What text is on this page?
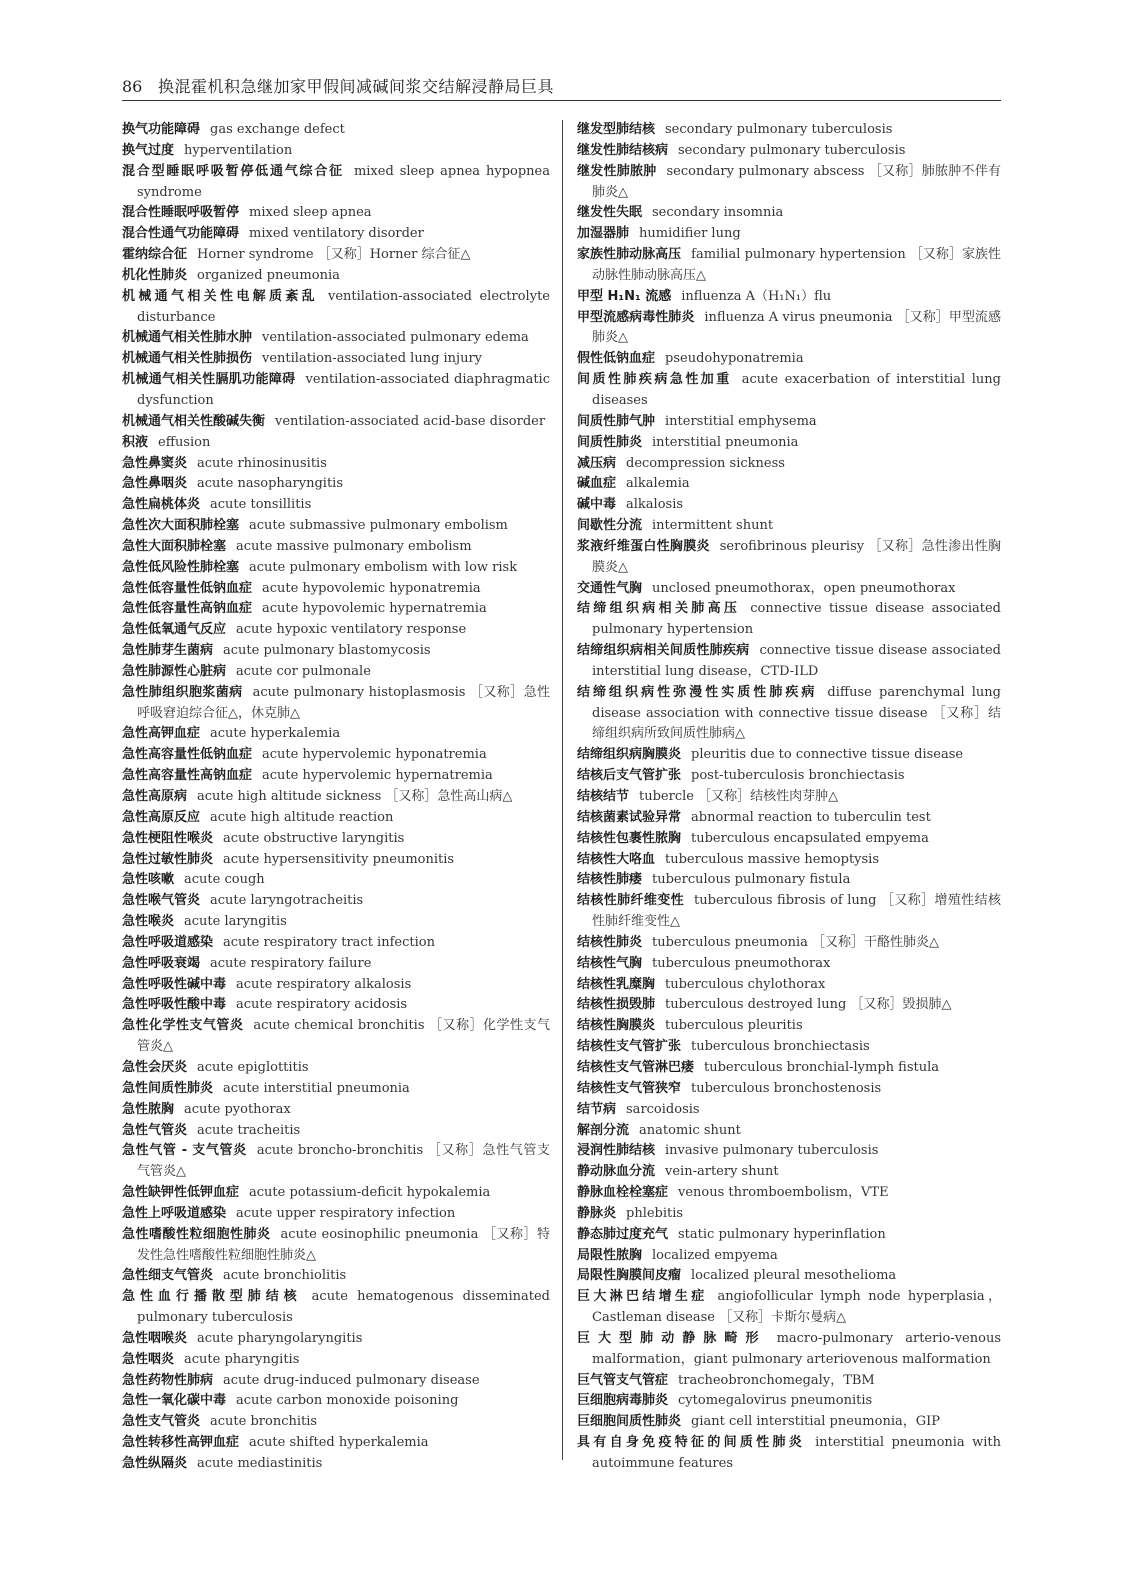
86 换混霍机积急继加家甲假间减碱间浆交结解浸静局巨具
换气功能障碍 gas exchange defect
换气过度 hyperventilation
混合型睡眠呼吸暂停低通气综合征 mixed sleep apnea hypopnea syndrome
混合性睡眠呼吸暂停 mixed sleep apnea
混合性通气功能障碍 mixed ventilatory disorder
霍纳综合征 Horner syndrome ［又称］Horner 综合征△
机化性肺炎 organized pneumonia
机械通气相关性电解质紊乱 ventilation-associated electrolyte disturbance
机械通气相关性肺水肿 ventilation-associated pulmonary edema
机械通气相关性肺损伤 ventilation-associated lung injury
机械通气相关性膈肌功能障碍 ventilation-associated diaphragmatic dysfunction
机械通气相关性酸碱失衡 ventilation-associated acid-base disorder
积液 effusion
急性鼻窦炎 acute rhinosinusitis
急性鼻咽炎 acute nasopharyngitis
急性扁桃体炎 acute tonsillitis
急性次大面积肺栓塞 acute submassive pulmonary embolism
急性大面积肺栓塞 acute massive pulmonary embolism
急性低风险性肺栓塞 acute pulmonary embolism with low risk
急性低容量性低钠血症 acute hypovolemic hyponatremia
急性低容量性高钠血症 acute hypovolemic hypernatremia
急性低氧通气反应 acute hypoxic ventilatory response
急性肺芽生菌病 acute pulmonary blastomycosis
急性肺源性心脏病 acute cor pulmonale
急性肺组织胞浆菌病 acute pulmonary histoplasmosis ［又称］急性呼吸窘迫综合征△，休克肺△
急性高钾血症 acute hyperkalemia
急性高容量性低钠血症 acute hypervolemic hyponatremia
急性高容量性高钠血症 acute hypervolemic hypernatremia
急性高原病 acute high altitude sickness ［又称］急性高山病△
急性高原反应 acute high altitude reaction
急性梗阻性喉炎 acute obstructive laryngitis
急性过敏性肺炎 acute hypersensitivity pneumonitis
急性咳嗽 acute cough
急性喉气管炎 acute laryngotracheitis
急性喉炎 acute laryngitis
急性呼吸道感染 acute respiratory tract infection
急性呼吸衰竭 acute respiratory failure
急性呼吸性碱中毒 acute respiratory alkalosis
急性呼吸性酸中毒 acute respiratory acidosis
急性化学性支气管炎 acute chemical bronchitis ［又称］化学性支气管炎△
急性会厌炎 acute epiglottitis
急性间质性肺炎 acute interstitial pneumonia
急性脓胸 acute pyothorax
急性气管炎 acute tracheitis
急性气管 - 支气管炎 acute broncho-bronchitis ［又称］急性气管支气管炎△
急性缺钾性低钾血症 acute potassium-deficit hypokalemia
急性上呼吸道感染 acute upper respiratory infection
急性嗜酸性粒细胞性肺炎 acute eosinophilic pneumonia ［又称］特发性急性嗜酸性粒细胞性肺炎△
急性细支气管炎 acute bronchiolitis
急性血行播散型肺结核 acute hematogenous disseminated pulmonary tuberculosis
急性咽喉炎 acute pharyngolaryngitis
急性咽炎 acute pharyngitis
急性药物性肺病 acute drug-induced pulmonary disease
急性一氧化碳中毒 acute carbon monoxide poisoning
急性支气管炎 acute bronchitis
急性转移性高钾血症 acute shifted hyperkalemia
急性纵隔炎 acute mediastinitis
继发型肺结核 secondary pulmonary tuberculosis
继发性肺结核病 secondary pulmonary tuberculosis
继发性肺脓肿 secondary pulmonary abscess ［又称］肺脓肿不伴有肺炎△
继发性失眠 secondary insomnia
加湿器肺 humidifier lung
家族性肺动脉高压 familial pulmonary hypertension ［又称］家族性动脉性肺动脉高压△
甲型 H₁N₁ 流感 influenza A（H₁N₁）flu
甲型流感病毒性肺炎 influenza A virus pneumonia ［又称］甲型流感肺炎△
假性低钠血症 pseudohyponatremia
间质性肺疾病急性加重 acute exacerbation of interstitial lung diseases
间质性肺气肿 interstitial emphysema
间质性肺炎 interstitial pneumonia
减压病 decompression sickness
碱血症 alkalemia
碱中毒 alkalosis
间歇性分流 intermittent shunt
浆液纤维蛋白性胸膜炎 serofibrinous pleurisy ［又称］急性渗出性胸膜炎△
交通性气胸 unclosed pneumothorax，open pneumothorax
结缔组织病相关肺高压 connective tissue disease associated pulmonary hypertension
结缔组织病相关间质性肺疾病 connective tissue disease associated interstitial lung disease，CTD-ILD
结缔组织病性弥漫性实质性肺疾病 diffuse parenchymal lung disease association with connective tissue disease ［又称］结缔组织病所致间质性肺病△
结缔组织病胸膜炎 pleuritis due to connective tissue disease
结核后支气管扩张 post-tuberculosis bronchiectasis
结核结节 tubercle ［又称］结核性肉芽肿△
结核菌素试验异常 abnormal reaction to tuberculin test
结核性包裹性脓胸 tuberculous encapsulated empyema
结核性大咯血 tuberculous massive hemoptysis
结核性肺瘘 tuberculous pulmonary fistula
结核性肺纤维变性 tuberculous fibrosis of lung ［又称］增殖性结核性肺纤维变性△
结核性肺炎 tuberculous pneumonia ［又称］干酪性肺炎△
结核性气胸 tuberculous pneumothorax
结核性乳糜胸 tuberculous chylothorax
结核性损毁肺 tuberculous destroyed lung ［又称］毁损肺△
结核性胸膜炎 tuberculous pleuritis
结核性支气管扩张 tuberculous bronchiectasis
结核性支气管淋巴瘘 tuberculous bronchial-lymph fistula
结核性支气管狭窄 tuberculous bronchostenosis
结节病 sarcoidosis
解剖分流 anatomic shunt
浸润性肺结核 invasive pulmonary tuberculosis
静动脉血分流 vein-artery shunt
静脉血栓栓塞症 venous thromboembolism，VTE
静脉炎 phlebitis
静态肺过度充气 static pulmonary hyperinflation
局限性脓胸 localized empyema
局限性胸膜间皮瘤 localized pleural mesothelioma
巨大淋巴结增生症 angiofollicular lymph node hyperplasia，Castleman disease ［又称］卡斯尔曼病△
巨大型肺动静脉畸形 macro-pulmonary arterio-venous malformation，giant pulmonary arteriovenous malformation
巨气管支气管症 tracheobronchomegaly，TBM
巨细胞病毒肺炎 cytomegalovirus pneumonitis
巨细胞间质性肺炎 giant cell interstitial pneumonia，GIP
具有自身免疫特征的间质性肺炎 interstitial pneumonia with autoimmune features
